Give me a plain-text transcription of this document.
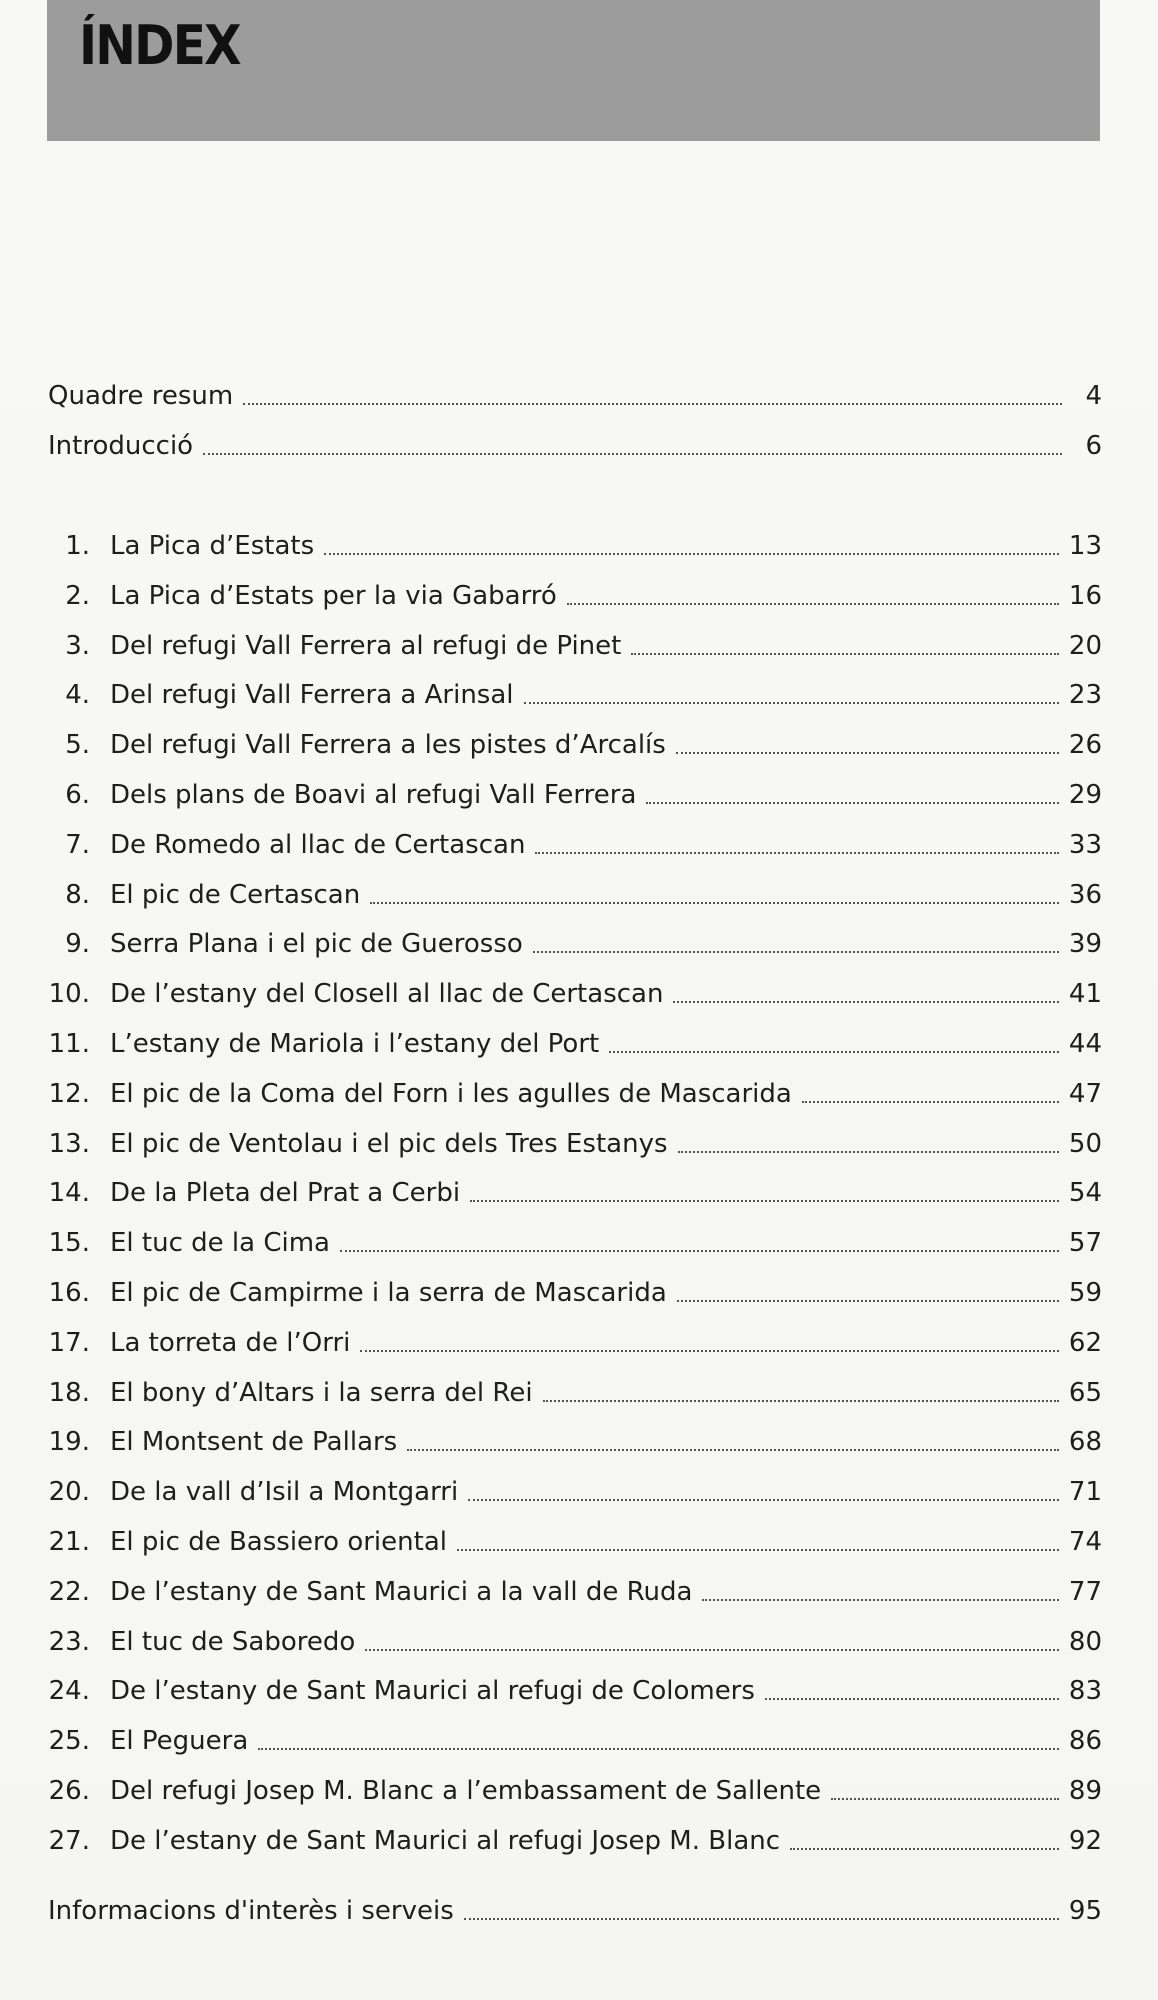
ÍNDEX
Quadre resum	4
Introducció	6
1. La Pica d’Estats	13
2. La Pica d’Estats per la via Gabarró	16
3. Del refugi Vall Ferrera al refugi de Pinet	20
4. Del refugi Vall Ferrera a Arinsal	23
5. Del refugi Vall Ferrera a les pistes d’Arcalís	26
6. Dels plans de Boavi al refugi Vall Ferrera	29
7. De Romedo al llac de Certascan	33
8. El pic de Certascan	36
9. Serra Plana i el pic de Guerosso	39
10. De l’estany del Closell al llac de Certascan	41
11. L’estany de Mariola i l’estany del Port	44
12. El pic de la Coma del Forn i les agulles de Mascarida	47
13. El pic de Ventolau i el pic dels Tres Estanys	50
14. De la Pleta del Prat a Cerbi	54
15. El tuc de la Cima	57
16. El pic de Campirme i la serra de Mascarida	59
17. La torreta de l’Orri	62
18. El bony d’Altars i la serra del Rei	65
19. El Montsent de Pallars	68
20. De la vall d’Isil a Montgarri	71
21. El pic de Bassiero oriental	74
22. De l’estany de Sant Maurici a la vall de Ruda	77
23. El tuc de Saboredo	80
24. De l’estany de Sant Maurici al refugi de Colomers	83
25. El Peguera	86
26. Del refugi Josep M. Blanc a l’embassament de Sallente	89
27. De l’estany de Sant Maurici al refugi Josep M. Blanc	92
Informacions d'interès i serveis	95
